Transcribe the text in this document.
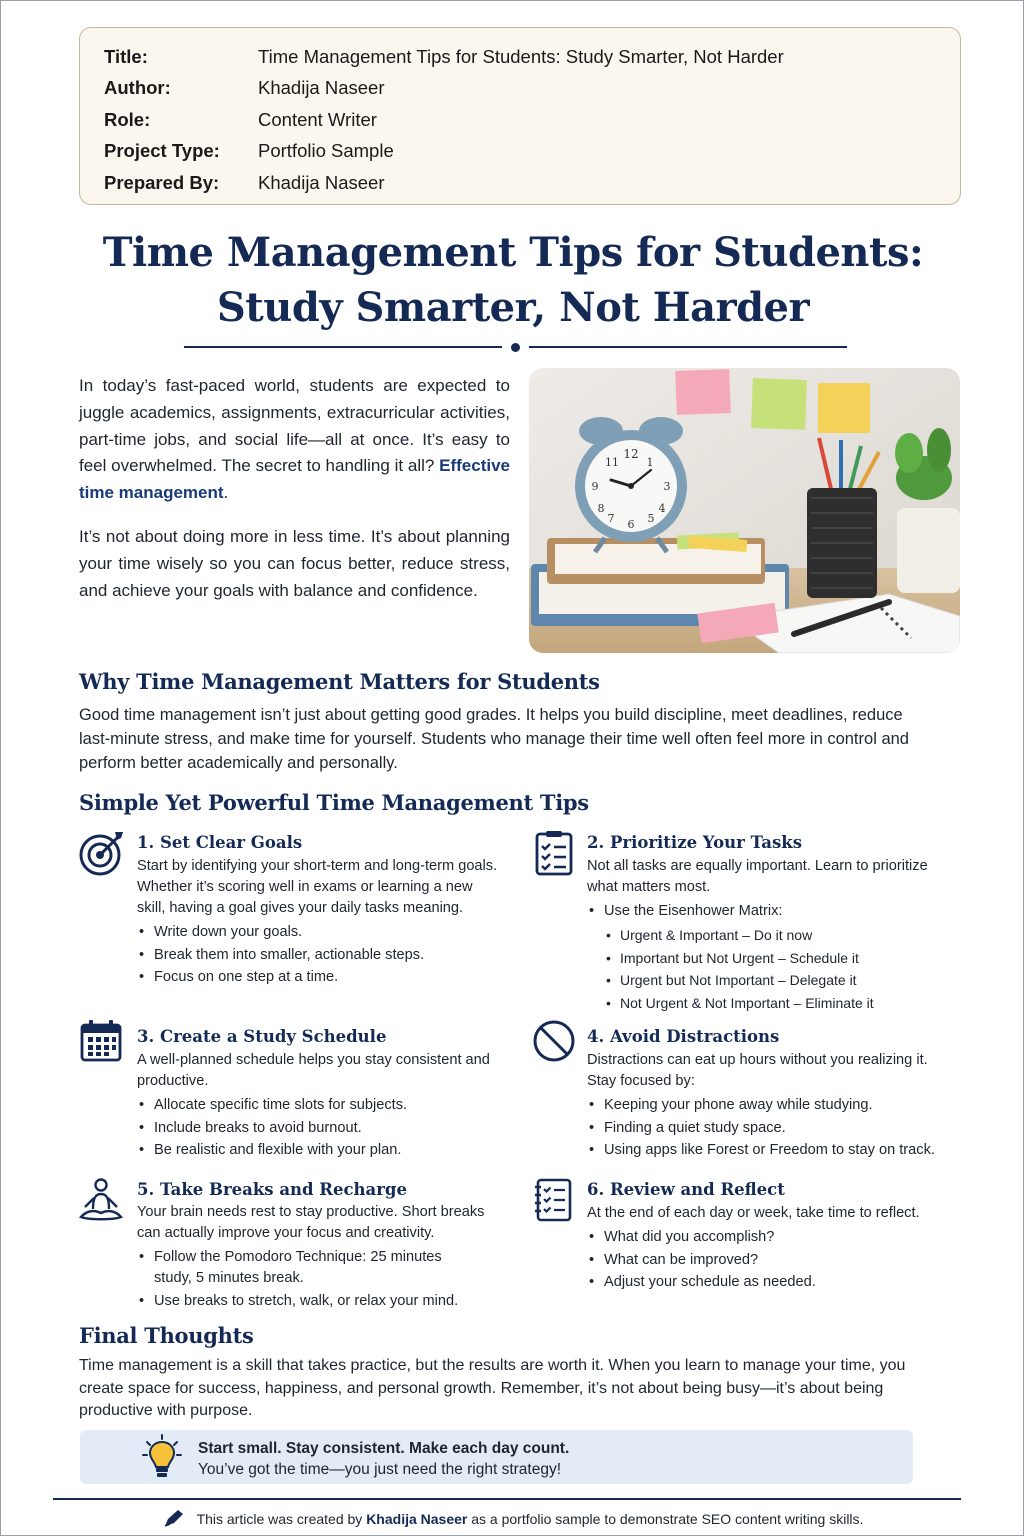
Title:	Time Management Tips for Students: Study Smarter, Not Harder
Author:	Khadija Naseer
Role:	Content Writer
Project Type:	Portfolio Sample
Prepared By:	Khadija Naseer
Time Management Tips for Students:
Study Smarter, Not Harder

In today’s fast-paced world, students are expected to juggle academics, assignments, extracurricular activities, part-time jobs, and social life—all at once. It’s easy to feel overwhelmed. The secret to handling it all? Effective time management.

It’s not about doing more in less time. It’s about planning your time wisely so you can focus better, reduce stress, and achieve your goals with balance and confidence.

12
1
3
5
6
7
9
11
8	4
Why Time Management Matters for Students

Good time management isn’t just about getting good grades. It helps you build discipline, meet deadlines, reduce last-minute stress, and make time for yourself. Students who manage their time well often feel more in control and perform better academically and personally.

Simple Yet Powerful Time Management Tips
1. Set Clear Goals
Start by identifying your short-term and long-term goals. Whether it’s scoring well in exams or learning a new skill, having a goal gives your daily tasks meaning.
• Write down your goals.
• Break them into smaller, actionable steps.
• Focus on one step at a time.
2. Prioritize Your Tasks
Not all tasks are equally important. Learn to prioritize what matters most.
• Use the Eisenhower Matrix:
• Urgent & Important – Do it now
• Important but Not Urgent – Schedule it
• Urgent but Not Important – Delegate it
• Not Urgent & Not Important – Eliminate it
3. Create a Study Schedule
A well-planned schedule helps you stay consistent and productive.
• Allocate specific time slots for subjects.
• Include breaks to avoid burnout.
• Be realistic and flexible with your plan.
4. Avoid Distractions
Distractions can eat up hours without you realizing it. Stay focused by:
• Keeping your phone away while studying.
• Finding a quiet study space.
• Using apps like Forest or Freedom to stay on track.
5. Take Breaks and Recharge
Your brain needs rest to stay productive. Short breaks can actually improve your focus and creativity.
• Follow the Pomodoro Technique: 25 minutes study, 5 minutes break.
• Use breaks to stretch, walk, or relax your mind.
6. Review and Reflect
At the end of each day or week, take time to reflect.
• What did you accomplish?
• What can be improved?
• Adjust your schedule as needed.
Final Thoughts

Time management is a skill that takes practice, but the results are worth it. When you learn to manage your time, you create space for success, happiness, and personal growth. Remember, it’s not about being busy—it’s about being productive with purpose.

Start small. Stay consistent. Make each day count.
You’ve got the time—you just need the right strategy!
This article was created by Khadija Naseer as a portfolio sample to demonstrate SEO content writing skills.
